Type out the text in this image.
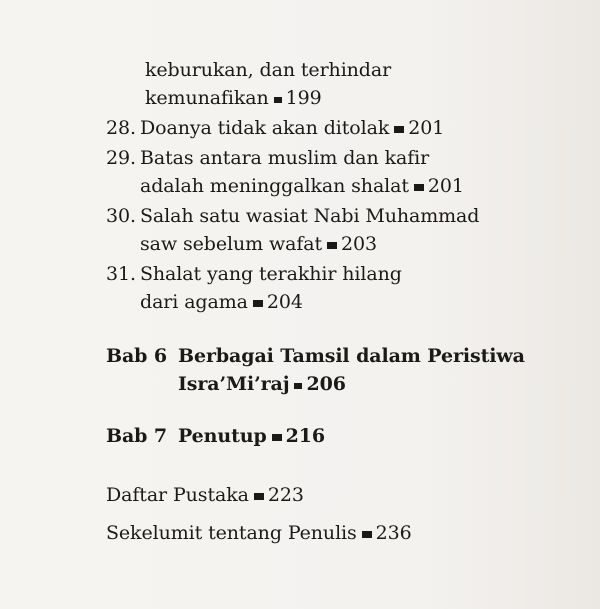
keburukan, dan terhindar
kemunafikan 199
28. Doanya tidak akan ditolak 201
29. Batas antara muslim dan kafir
adalah meninggalkan shalat 201
30. Salah satu wasiat Nabi Muhammad
saw sebelum wafat 203
31. Shalat yang terakhir hilang
dari agama 204
Bab 6 Berbagai Tamsil dalam Peristiwa
Isra’Mi’raj 206
Bab 7 Penutup 216
Daftar Pustaka 223
Sekelumit tentang Penulis 236
